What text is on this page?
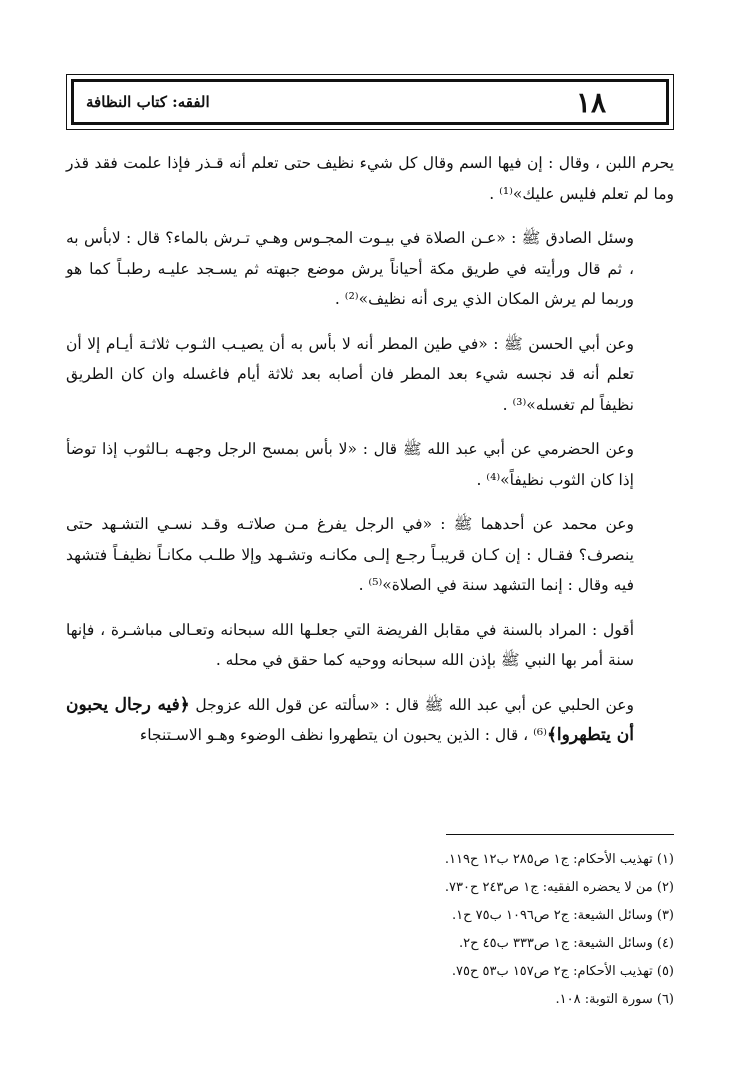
١٨
الفقه: كتاب النظافة

يحرم اللبن ، وقال : إن فيها السم وقال كل شيء نظيف حتى تعلم أنه قـذر فإذا علمت فقد قذر وما لم تعلم فليس عليك»⁽¹⁾ .

وسئل الصادق ﷺ : «عـن الصلاة في بيـوت المجـوس وهـي تـرش بالماء؟ قال : لابأس به ، ثم قال ورأيته في طريق مكة أحياناً يرش موضع جبهته ثم يسـجد عليـه رطبـاً كما هو وربما لم يرش المكان الذي يرى أنه نظيف»⁽²⁾ .

وعن أبي الحسن ﷺ : «في طين المطر أنه لا بأس به أن يصيـب الثـوب ثلاثـة أيـام إلا أن تعلم أنه قد نجسه شيء بعد المطر فان أصابه بعد ثلاثة أيام فاغسله وان كان الطريق نظيفاً لم تغسله»⁽³⁾ .

وعن الحضرمي عن أبي عبد الله ﷺ قال : «لا بأس بمسح الرجل وجهـه بـالثوب إذا توضأ إذا كان الثوب نظيفاً»⁽⁴⁾ .

وعن محمد عن أحدهما ﷺ : «في الرجل يفرغ مـن صلاتـه وقـد نسـي التشـهد حتى ينصرف؟ فقـال : إن كـان قريبـاً رجـع إلـى مكانـه وتشـهد وإلا طلـب مكانـاً نظيفـاً فتشهد فيه وقال : إنما التشهد سنة في الصلاة»⁽⁵⁾ .

أقول : المراد بالسنة في مقابل الفريضة التي جعلـها الله سبحانه وتعـالى مباشـرة ، فإنها سنة أمر بها النبي ﷺ بإذن الله سبحانه ووحيه كما حقق في محله .

وعن الحلبي عن أبي عبد الله ﷺ قال : «سألته عن قول الله عزوجل ﴿فيه رجال يحبون أن يتطهروا﴾⁽⁶⁾ ، قال : الذين يحبون ان يتطهروا نظف الوضوء وهـو الاسـتنجاء

(١) تهذيب الأحكام: ج١ ص٢٨٥ ب١٢ ح١١٩.
(٢) من لا يحضره الفقيه: ج١ ص٢٤٣ ح٧٣٠.
(٣) وسائل الشيعة: ج٢ ص١٠٩٦ ب٧٥ ح١.
(٤) وسائل الشيعة: ج١ ص٣٣٣ ب٤٥ ح٢.
(٥) تهذيب الأحكام: ج٢ ص١٥٧ ب٥٣ ح٧٥.
(٦) سورة التوبة: ١٠٨.
